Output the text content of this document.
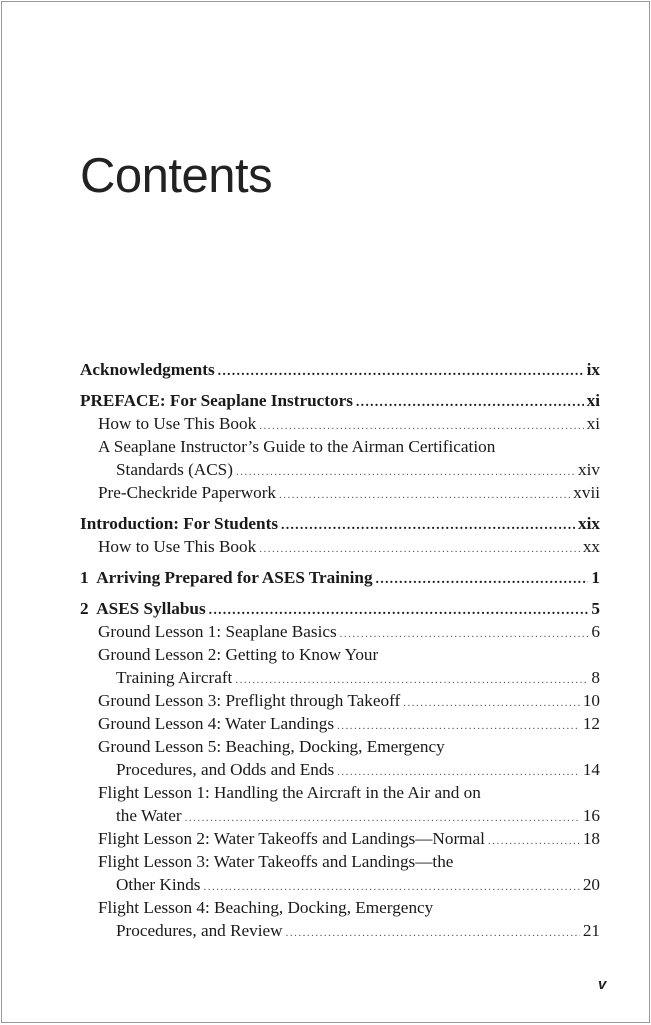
Contents
Acknowledgments .....	ix
PREFACE: For Seaplane Instructors .....	xi
How to Use This Book .....	xi
A Seaplane Instructor’s Guide to the Airman Certification
Standards (ACS) .....	xiv
Pre-Checkride Paperwork .....	xvii
Introduction: For Students .....	xix
How to Use This Book .....	xx
1  Arriving Prepared for ASES Training .....	1
2  ASES Syllabus .....	5
Ground Lesson 1: Seaplane Basics .....	6
Ground Lesson 2: Getting to Know Your
Training Aircraft .....	8
Ground Lesson 3: Preflight through Takeoff .....	10
Ground Lesson 4: Water Landings .....	12
Ground Lesson 5: Beaching, Docking, Emergency
Procedures, and Odds and Ends .....	14
Flight Lesson 1: Handling the Aircraft in the Air and on
the Water .....	16
Flight Lesson 2: Water Takeoffs and Landings—Normal .....	18
Flight Lesson 3: Water Takeoffs and Landings—the
Other Kinds .....	20
Flight Lesson 4: Beaching, Docking, Emergency
Procedures, and Review .....	21
v
